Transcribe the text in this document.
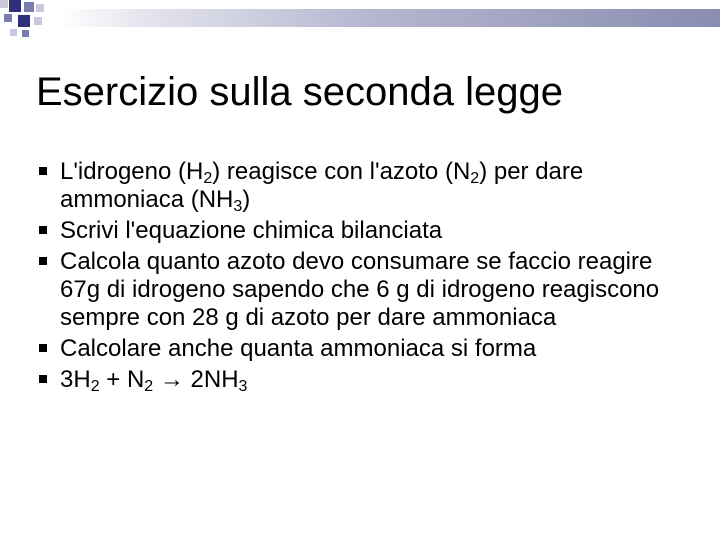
Esercizio sulla seconda legge
L'idrogeno $(H_2)$ reagisce con l'azoto $(N_2)$ per dare ammoniaca $(NH_3)$
Scrivi l'equazione chimica bilanciata
Calcola quanto azoto devo consumare se faccio reagire 67g di idrogeno sapendo che 6 g di idrogeno reagiscono sempre con 28 g di azoto per dare ammoniaca
Calcolare anche quanta ammoniaca si forma
$3H_2 + N_2 \to 2NH_3$
